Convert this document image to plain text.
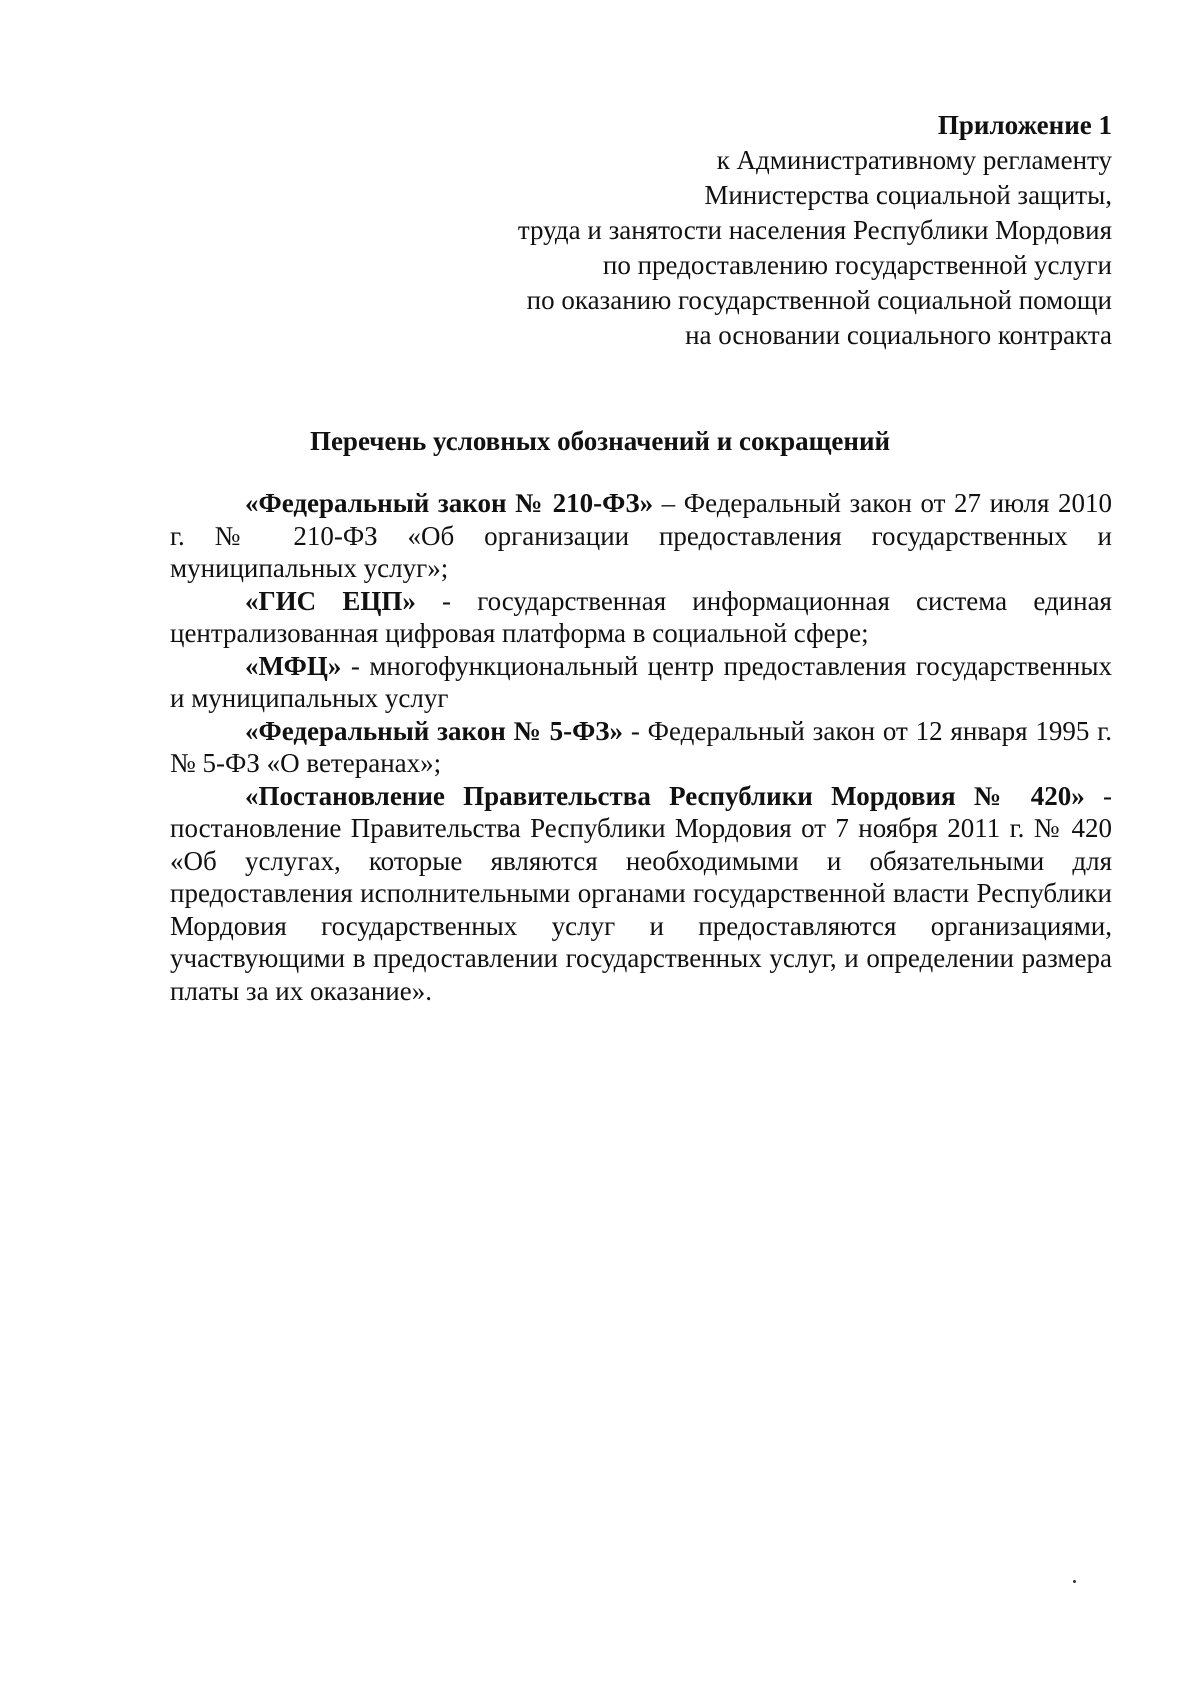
Приложение 1
к Административному регламенту
Министерства социальной защиты,
труда и занятости населения Республики Мордовия
по предоставлению государственной услуги
по оказанию государственной социальной помощи
на основании социального контракта
Перечень условных обозначений и сокращений

«Федеральный закон № 210-ФЗ» – Федеральный закон от 27 июля 2010 г. № 210-ФЗ «Об организации предоставления государственных и муниципальных услуг»;

«ГИС ЕЦП» - государственная информационная система единая централизованная цифровая платформа в социальной сфере;

«МФЦ» - многофункциональный центр предоставления государственных и муниципальных услуг

«Федеральный закон № 5-ФЗ» - Федеральный закон от 12 января 1995 г. № 5-ФЗ «О ветеранах»;

«Постановление Правительства Республики Мордовия № 420» - постановление Правительства Республики Мордовия от 7 ноября 2011 г. № 420 «Об услугах, которые являются необходимыми и обязательными для предоставления исполнительными органами государственной власти Республики Мордовия государственных услуг и предоставляются организациями, участвующими в предоставлении государственных услуг, и определении размера платы за их оказание».
